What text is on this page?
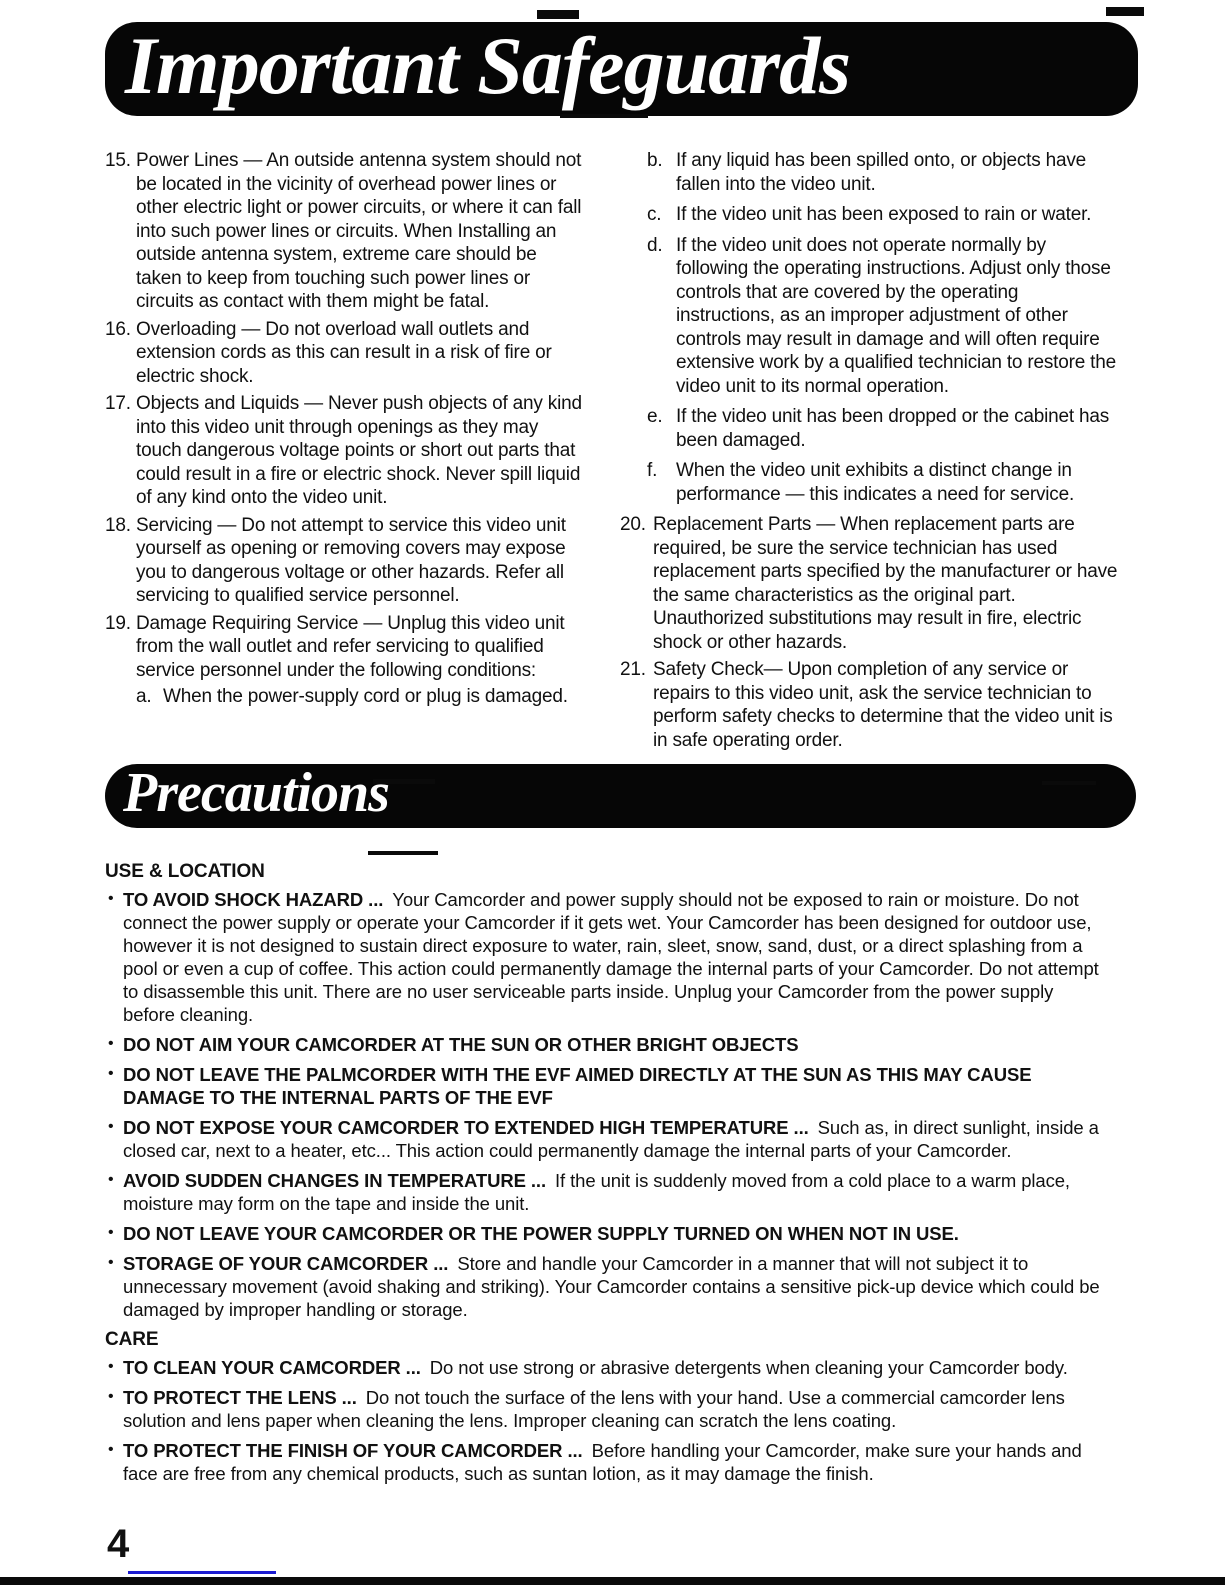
Important Safeguards
15. Power Lines — An outside antenna system should not be located in the vicinity of overhead power lines or other electric light or power circuits, or where it can fall into such power lines or circuits. When Installing an outside antenna system, extreme care should be taken to keep from touching such power lines or circuits as contact with them might be fatal.
16. Overloading — Do not overload wall outlets and extension cords as this can result in a risk of fire or electric shock.
17. Objects and Liquids — Never push objects of any kind into this video unit through openings as they may touch dangerous voltage points or short out parts that could result in a fire or electric shock. Never spill liquid of any kind onto the video unit.
18. Servicing — Do not attempt to service this video unit yourself as opening or removing covers may expose you to dangerous voltage or other hazards. Refer all servicing to qualified service personnel.
19. Damage Requiring Service — Unplug this video unit from the wall outlet and refer servicing to qualified service personnel under the following conditions:
a. When the power-supply cord or plug is damaged.
b. If any liquid has been spilled onto, or objects have fallen into the video unit.
c. If the video unit has been exposed to rain or water.
d. If the video unit does not operate normally by following the operating instructions. Adjust only those controls that are covered by the operating instructions, as an improper adjustment of other controls may result in damage and will often require extensive work by a qualified technician to restore the video unit to its normal operation.
e. If the video unit has been dropped or the cabinet has been damaged.
f. When the video unit exhibits a distinct change in performance — this indicates a need for service.
20. Replacement Parts — When replacement parts are required, be sure the service technician has used replacement parts specified by the manufacturer or have the same characteristics as the original part. Unauthorized substitutions may result in fire, electric shock or other hazards.
21. Safety Check— Upon completion of any service or repairs to this video unit, ask the service technician to perform safety checks to determine that the video unit is in safe operating order.
Precautions
USE & LOCATION
• TO AVOID SHOCK HAZARD ... Your Camcorder and power supply should not be exposed to rain or moisture. Do not connect the power supply or operate your Camcorder if it gets wet. Your Camcorder has been designed for outdoor use, however it is not designed to sustain direct exposure to water, rain, sleet, snow, sand, dust, or a direct splashing from a pool or even a cup of coffee. This action could permanently damage the internal parts of your Camcorder. Do not attempt to disassemble this unit. There are no user serviceable parts inside. Unplug your Camcorder from the power supply before cleaning.
• DO NOT AIM YOUR CAMCORDER AT THE SUN OR OTHER BRIGHT OBJECTS
• DO NOT LEAVE THE PALMCORDER WITH THE EVF AIMED DIRECTLY AT THE SUN AS THIS MAY CAUSE DAMAGE TO THE INTERNAL PARTS OF THE EVF
• DO NOT EXPOSE YOUR CAMCORDER TO EXTENDED HIGH TEMPERATURE ... Such as, in direct sunlight, inside a closed car, next to a heater, etc... This action could permanently damage the internal parts of your Camcorder.
• AVOID SUDDEN CHANGES IN TEMPERATURE ... If the unit is suddenly moved from a cold place to a warm place, moisture may form on the tape and inside the unit.
• DO NOT LEAVE YOUR CAMCORDER OR THE POWER SUPPLY TURNED ON WHEN NOT IN USE.
• STORAGE OF YOUR CAMCORDER ... Store and handle your Camcorder in a manner that will not subject it to unnecessary movement (avoid shaking and striking). Your Camcorder contains a sensitive pick-up device which could be damaged by improper handling or storage.
CARE
• TO CLEAN YOUR CAMCORDER ... Do not use strong or abrasive detergents when cleaning your Camcorder body.
• TO PROTECT THE LENS ... Do not touch the surface of the lens with your hand. Use a commercial camcorder lens solution and lens paper when cleaning the lens. Improper cleaning can scratch the lens coating.
• TO PROTECT THE FINISH OF YOUR CAMCORDER ... Before handling your Camcorder, make sure your hands and face are free from any chemical products, such as suntan lotion, as it may damage the finish.
4
